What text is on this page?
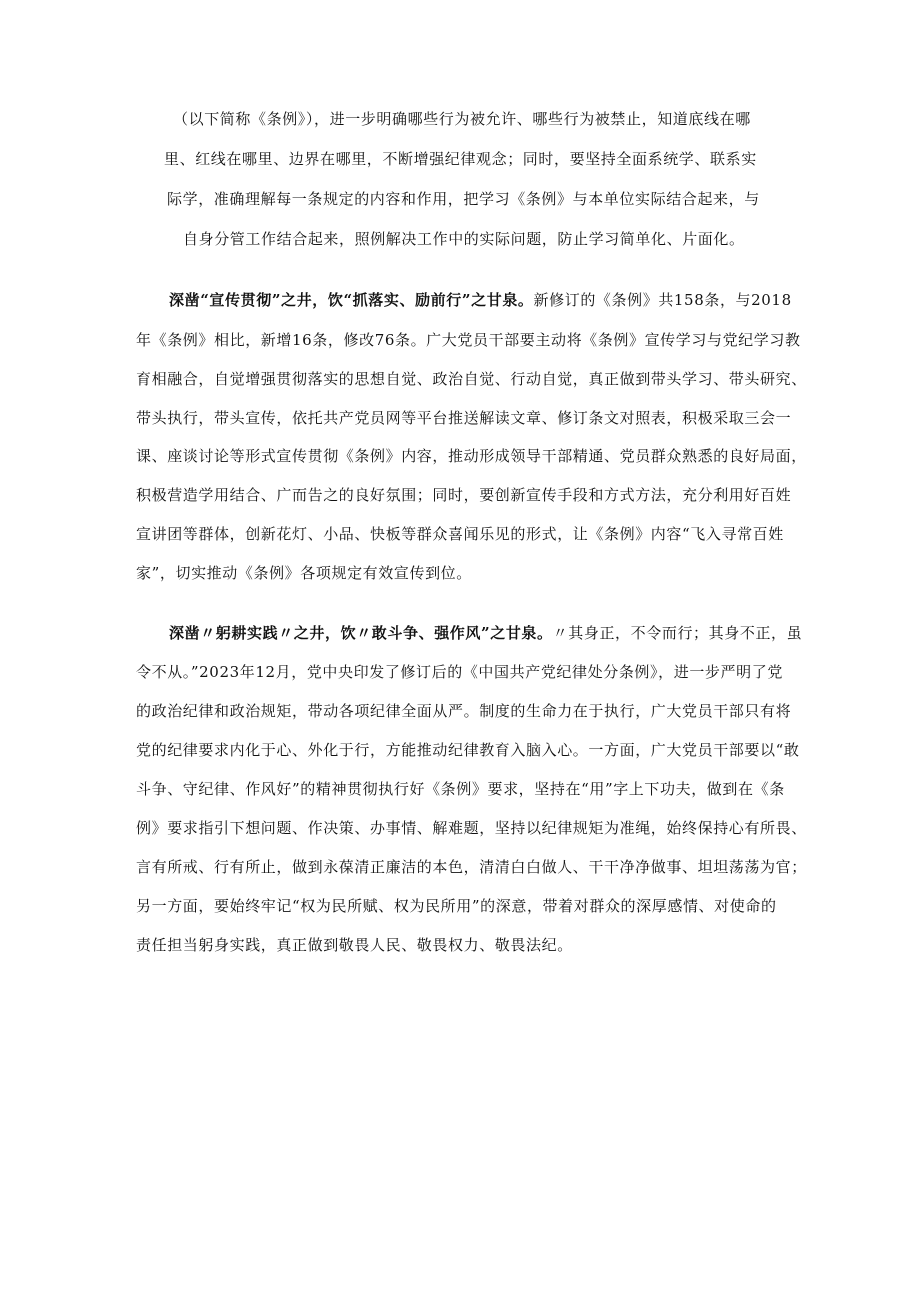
（以下简称《条例》），进一步明确哪些行为被允许、哪些行为被禁止，知道底线在哪
里、红线在哪里、边界在哪里，不断增强纪律观念；同时，要坚持全面系统学、联系实
际学，准确理解每一条规定的内容和作用，把学习《条例》与本单位实际结合起来，与
自身分管工作结合起来，照例解决工作中的实际问题，防止学习简单化、片面化。
深凿“宣传贯彻”之井，饮“抓落实、励前行”之甘泉。新修订的《条例》共158条，与2018
年《条例》相比，新增16条，修改76条。广大党员干部要主动将《条例》宣传学习与党纪学习教
育相融合，自觉增强贯彻落实的思想自觉、政治自觉、行动自觉，真正做到带头学习、带头研究、
带头执行，带头宣传，依托共产党员网等平台推送解读文章、修订条文对照表，积极采取三会一
课、座谈讨论等形式宣传贯彻《条例》内容，推动形成领导干部精通、党员群众熟悉的良好局面，
积极营造学用结合、广而告之的良好氛围；同时，要创新宣传手段和方式方法，充分利用好百姓
宣讲团等群体，创新花灯、小品、快板等群众喜闻乐见的形式，让《条例》内容“飞入寻常百姓
家”，切实推动《条例》各项规定有效宣传到位。
深凿〃躬耕实践〃之井，饮〃敢斗争、强作风”之甘泉。〃其身正，不令而行；其身不正，虽
令不从。”2023年12月，党中央印发了修订后的《中国共产党纪律处分条例》，进一步严明了党
的政治纪律和政治规矩，带动各项纪律全面从严。制度的生命力在于执行，广大党员干部只有将
党的纪律要求内化于心、外化于行，方能推动纪律教育入脑入心。一方面，广大党员干部要以“敢
斗争、守纪律、作风好”的精神贯彻执行好《条例》要求，坚持在“用”字上下功夫，做到在《条
例》要求指引下想问题、作决策、办事情、解难题，坚持以纪律规矩为准绳，始终保持心有所畏、
言有所戒、行有所止，做到永葆清正廉洁的本色，清清白白做人、干干净净做事、坦坦荡荡为官；
另一方面，要始终牢记“权为民所赋、权为民所用”的深意，带着对群众的深厚感情、对使命的
责任担当躬身实践，真正做到敬畏人民、敬畏权力、敬畏法纪。
